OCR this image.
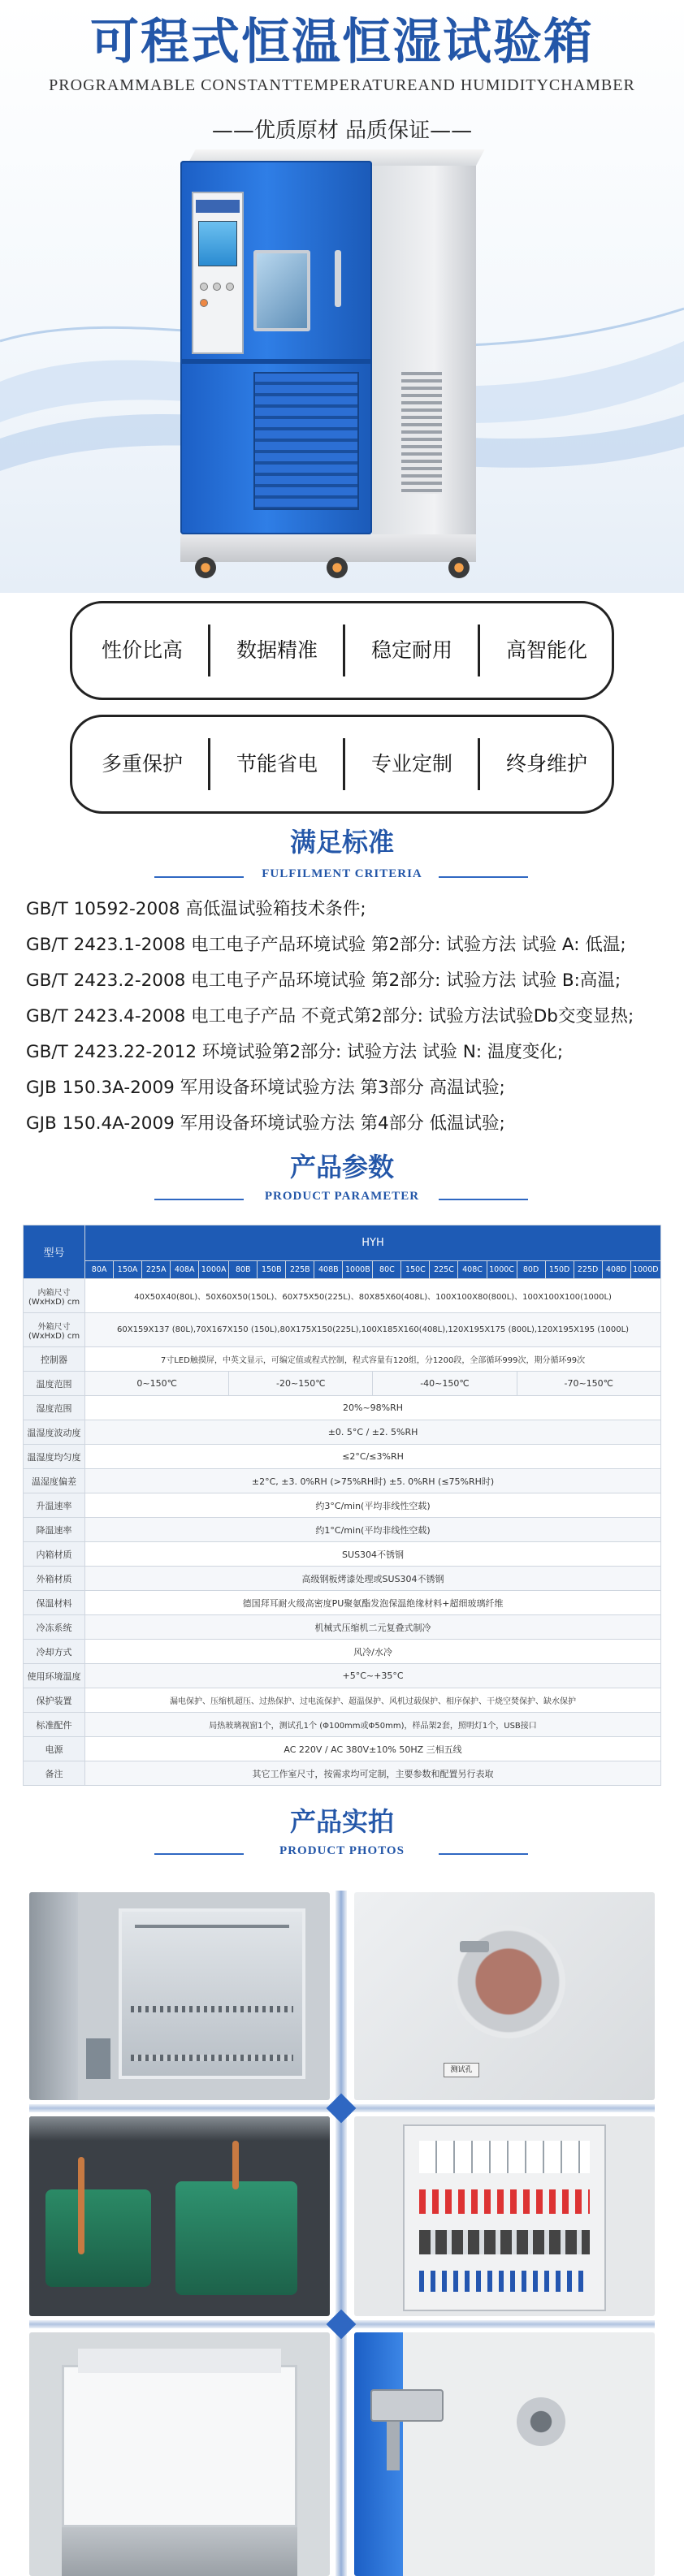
可程式恒温恒湿试验箱
PROGRAMMABLE CONSTANTTEMPERATUREAND HUMIDITYCHAMBER
——优质原材 品质保证——
性价比高	数据精准	稳定耐用	高智能化
多重保护	节能省电	专业定制	终身维护
满足标准
FULFILMENT CRITERIA
GB/T 10592-2008 高低温试验箱技术条件;
GB/T 2423.1-2008 电工电子产品环境试验 第2部分: 试验方法 试验 A: 低温;
GB/T 2423.2-2008 电工电子产品环境试验 第2部分: 试验方法 试验 B:高温;
GB/T 2423.4-2008 电工电子产品 不竟式第2部分: 试验方法试验Db交变显热;
GB/T 2423.22-2012 环境试验第2部分: 试验方法 试验 N: 温度变化;
GJB 150.3A-2009 军用设备环境试验方法 第3部分 高温试验;
GJB 150.4A-2009 军用设备环境试验方法 第4部分 低温试验;
产品参数
PRODUCT PARAMETER
型号	HYH																			
	80A	150A	225A	408A	1000A	80B	150B	225B	408B	1000B	80C	150C	225C	408C	1000C	80D	150D	225D	408D	1000D
内箱尺寸 (WxHxD) cm	40X50X40(80L)、50X60X50(150L)、60X75X50(225L)、80X85X60(408L)、100X100X80(800L)、100X100X100(1000L)																			
外箱尺寸 (WxHxD) cm	60X159X137 (80L),70X167X150 (150L),80X175X150(225L),100X185X160(408L),120X195X175 (800L),120X195X195 (1000L)																			
控制器	7寸LED触摸屏，中英文显示，可编定值或程式控制，程式容量有120组，分1200段，全部循环999次，期分循环99次																			
温度范围	0~150℃					-20~150℃					-40~150℃					-70~150℃				
湿度范围	20%~98%RH																			
温湿度波动度	±0. 5°C / ±2. 5%RH																			
温湿度均匀度	≤2°C/≤3%RH																			
温湿度偏差	±2°C, ±3. 0%RH (>75%RH时) ±5. 0%RH (≤75%RH时)																			
升温速率	约3°C/min(平均非线性空载)																			
降温速率	约1°C/min(平均非线性空载)																			
内箱材质	SUS304不锈钢																			
外箱材质	高级钢板烤漆处理或SUS304不锈钢																			
保温材料	德国拜耳耐火级高密度PU聚氨酯发泡保温绝缘材料+超细玻璃纤维																			
冷冻系统	机械式压缩机二元复叠式制冷																			
冷却方式	风冷/水冷																			
使用环境温度	+5°C~+35°C																			
保护装置	漏电保护、压缩机超压、过热保护、过电流保护、超温保护、风机过载保护、相序保护、干烧空焚保护、缺水保护																			
标准配件	局热玻璃视窗1个，测试孔1个 (Φ100mm或Φ50mm)，样品架2套，照明灯1个，USB接口																			
电源	AC 220V / AC 380V±10% 50HZ 三相五线																			
备注	其它工作室尺寸，按需求均可定制，主要参数和配置另行表取																			
产品实拍
PRODUCT PHOTOS
测试孔
